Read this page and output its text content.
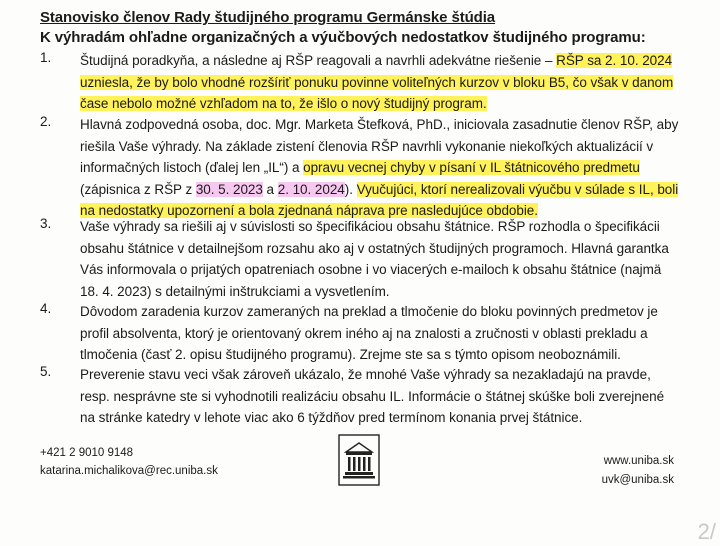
Stanovisko členov Rady študijného programu Germánske štúdia
K výhradám ohľadne organizačných a výučbových nedostatkov študijného programu:
1. Študijná poradkyňa, a následne aj RŠP reagovali a navrhli adekvátne riešenie – RŠP sa 2. 10. 2024 uzniesla, že by bolo vhodné rozšíriť ponuku povinne voliteľných kurzov v bloku B5, čo však v danom čase nebolo možné vzhľadom na to, že išlo o nový študijný program.
2. Hlavná zodpovedná osoba, doc. Mgr. Marketa Štefková, PhD., iniciovala zasadnutie členov RŠP, aby riešila Vaše výhrady. Na základe zistení členovia RŠP navrhli vykonanie niekoľkých aktualizácií v informačných listoch (ďalej len „IL“) a opravu vecnej chyby v písaní v IL štátnicového predmetu (zápisnica z RŠP z 30. 5. 2023 a 2. 10. 2024). Vyučujúci, ktorí nerealizovali výučbu v súlade s IL, boli na nedostatky upozornení a bola zjednaná náprava pre nasledujúce obdobie.
3. Vaše výhrady sa riešili aj v súvislosti so špecifikáciou obsahu štátnice. RŠP rozhodla o špecifikácii obsahu štátnice v detailnejšom rozsahu ako aj v ostatných študijných programoch. Hlavná garantka Vás informovala o prijatých opatreniach osobne i vo viacerých e-mailoch k obsahu štátnice (najmä 18. 4. 2023) s detailnými inštrukciami a vysvetlením.
4. Dôvodom zaradenia kurzov zameraných na preklad a tlmočenie do bloku povinných predmetov je profil absolventa, ktorý je orientovaný okrem iného aj na znalosti a zručnosti v oblasti prekladu a tlmočenia (časť 2. opisu študijného programu). Zrejme ste sa s týmto opisom neoboznámili.
5. Preverenie stavu veci však zároveň ukázalo, že mnohé Vaše výhrady sa nezakladajú na pravde, resp. nesprávne ste si vyhodnotili realizáciu obsahu IL. Informácie o štátnej skúške boli zverejnené na stránke katedry v lehote viac ako 6 týždňov pred termínom konania prvej štátnice.
+421 2 9010 9148
katarina.michalikova@rec.uniba.sk
www.uniba.sk
uvk@uniba.sk
2/
